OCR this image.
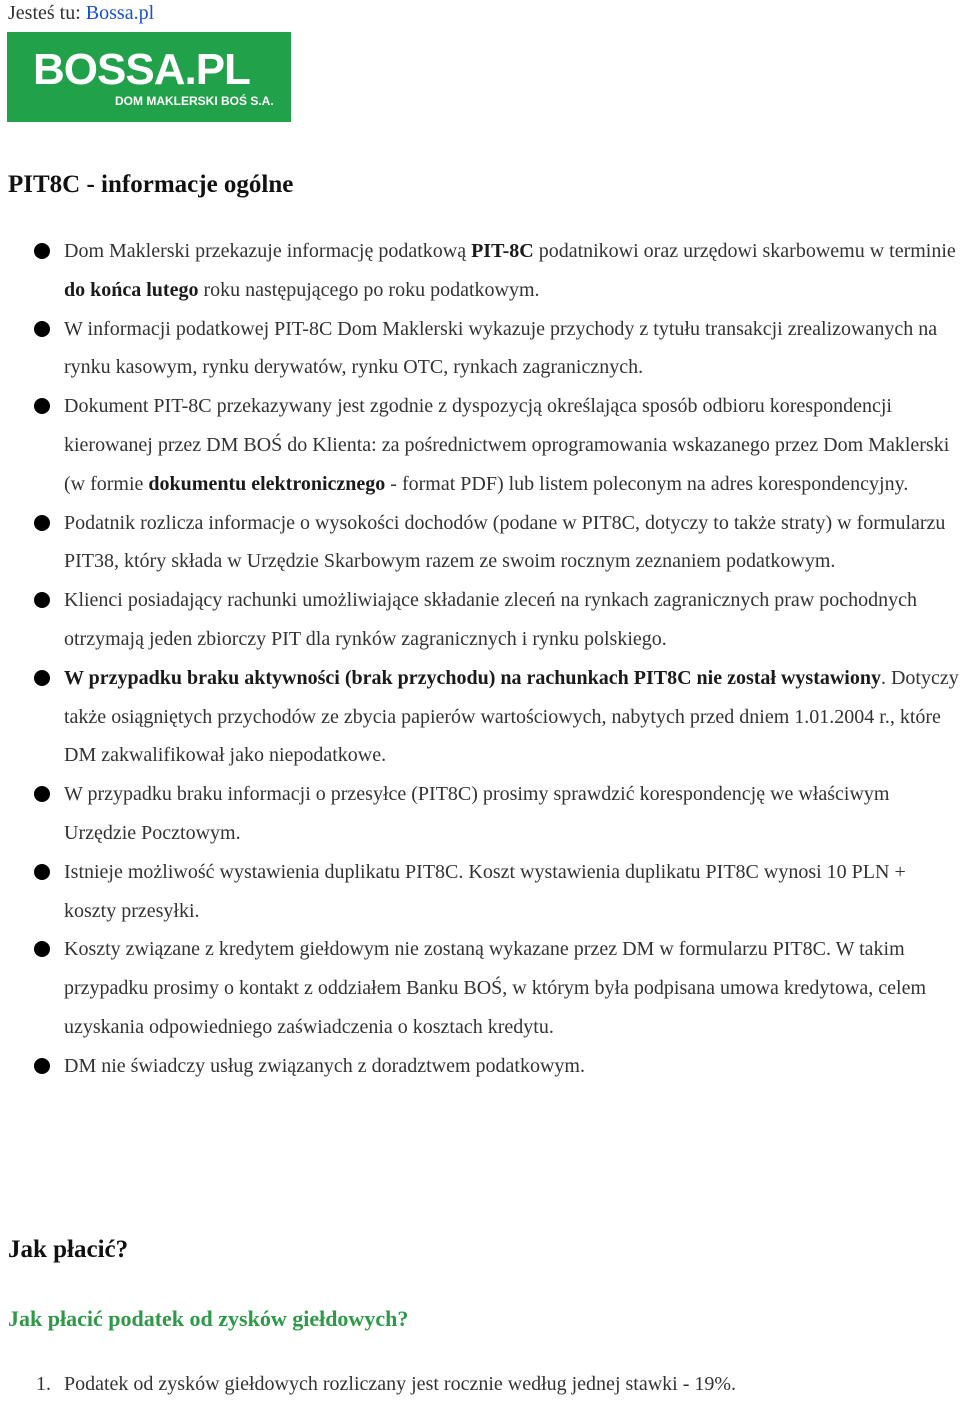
Jesteś tu: Bossa.pl
BOSSA.PL
DOM MAKLERSKI BOŚ S.A.
PIT8C - informacje ogólne
Dom Maklerski przekazuje informację podatkową PIT-8C podatnikowi oraz urzędowi skarbowemu w terminie
do końca lutego roku następującego po roku podatkowym.
W informacji podatkowej PIT-8C Dom Maklerski wykazuje przychody z tytułu transakcji zrealizowanych na rynku kasowym, rynku derywatów, rynku OTC, rynkach zagranicznych.
Dokument PIT-8C przekazywany jest zgodnie z dyspozycją określająca sposób odbioru korespondencji kierowanej przez DM BOŚ do Klienta: za pośrednictwem oprogramowania wskazanego przez Dom Maklerski (w formie dokumentu elektronicznego - format PDF) lub listem poleconym na adres korespondencyjny.
Podatnik rozlicza informacje o wysokości dochodów (podane w PIT8C, dotyczy to także straty) w formularzu PIT38, który składa w Urzędzie Skarbowym razem ze swoim rocznym zeznaniem podatkowym.
Klienci posiadający rachunki umożliwiające składanie zleceń na rynkach zagranicznych praw pochodnych otrzymają jeden zbiorczy PIT dla rynków zagranicznych i rynku polskiego.
W przypadku braku aktywności (brak przychodu) na rachunkach PIT8C nie został wystawiony. Dotyczy także osiągniętych przychodów ze zbycia papierów wartościowych, nabytych przed dniem 1.01.2004 r., które DM zakwalifikował jako niepodatkowe.
W przypadku braku informacji o przesyłce (PIT8C) prosimy sprawdzić korespondencję we właściwym Urzędzie Pocztowym.
Istnieje możliwość wystawienia duplikatu PIT8C. Koszt wystawienia duplikatu PIT8C wynosi 10 PLN + koszty przesyłki.
Koszty związane z kredytem giełdowym nie zostaną wykazane przez DM w formularzu PIT8C. W takim przypadku prosimy o kontakt z oddziałem Banku BOŚ, w którym była podpisana umowa kredytowa, celem uzyskania odpowiedniego zaświadczenia o kosztach kredytu.
DM nie świadczy usług związanych z doradztwem podatkowym.
Jak płacić?
Jak płacić podatek od zysków giełdowych?
1. Podatek od zysków giełdowych rozliczany jest rocznie według jednej stawki - 19%.
